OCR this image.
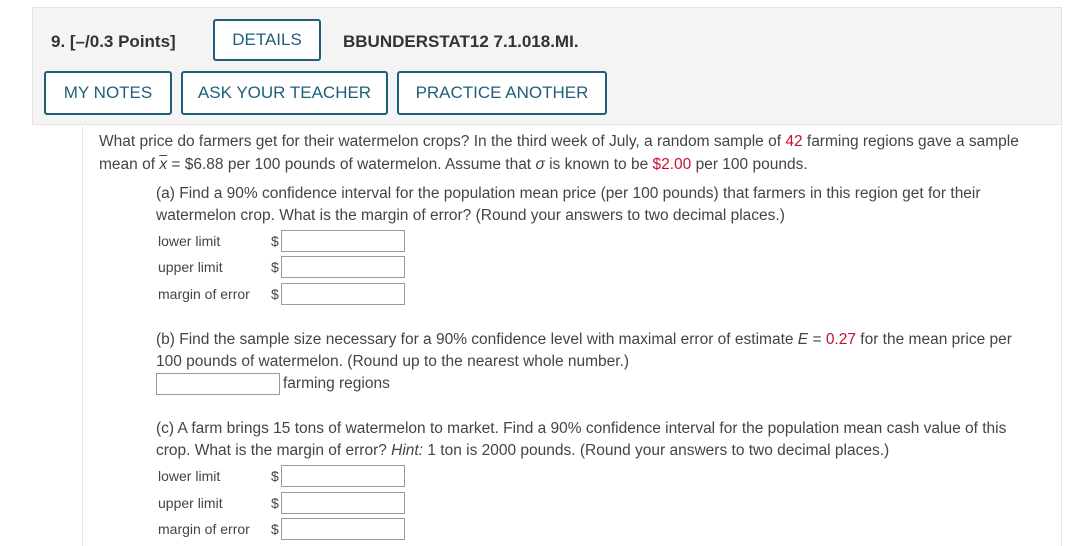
9. [–/0.3 Points]	DETAILS	BBUNDERSTAT12 7.1.018.MI.
MY NOTES	ASK YOUR TEACHER	PRACTICE ANOTHER
What price do farmers get for their watermelon crops? In the third week of July, a random sample of 42 farming regions gave a sample
mean of $\overline{x}$ = $6.88 per 100 pounds of watermelon. Assume that σ is known to be $2.00 per 100 pounds.
(a) Find a 90% confidence interval for the population mean price (per 100 pounds) that farmers in this region get for their
watermelon crop. What is the margin of error? (Round your answers to two decimal places.)
lower limit	$
upper limit	$
margin of error $
(b) Find the sample size necessary for a 90% confidence level with maximal error of estimate E = 0.27 for the mean price per
100 pounds of watermelon. (Round up to the nearest whole number.)
farming regions
(c) A farm brings 15 tons of watermelon to market. Find a 90% confidence interval for the population mean cash value of this
crop. What is the margin of error? Hint: 1 ton is 2000 pounds. (Round your answers to two decimal places.)
lower limit	$
upper limit	$
margin of error $
